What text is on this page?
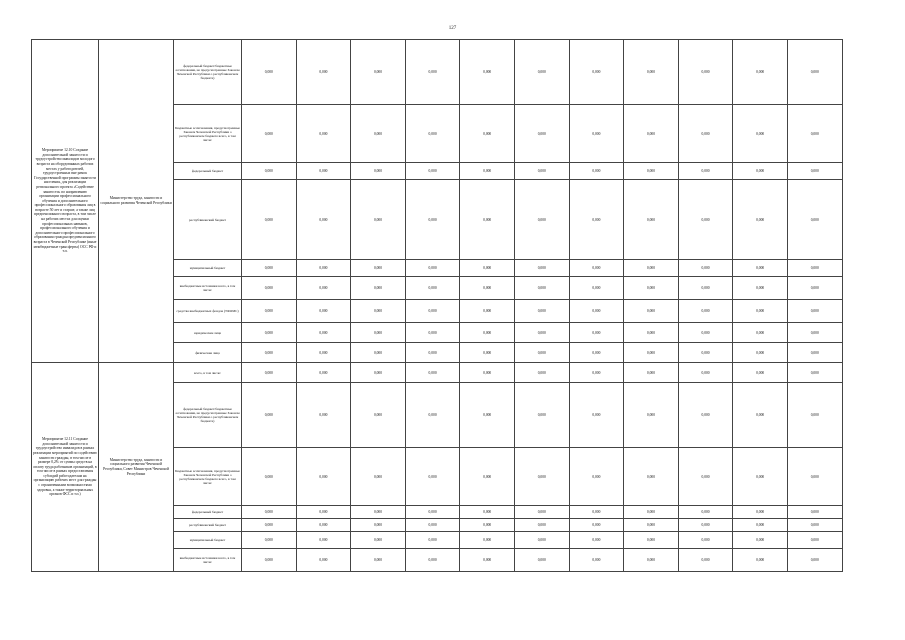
127
Мероприятие 12.10 Создание дополнительной занятости и трудоустройство инвалидов молодого возраста на оборудованных рабочих местах у работодателей, трудоустроенных вне рамок Государственной программы занятости населения, для реализации регионального проекта «Содействие занятости» по направлению организации профессионального обучения и дополнительного профессионального образования лиц в возрасте 50 лет и старше, а также лиц предпенсионного возраста, в том числе на рабочих местах для оценки профессиональных навыков, профессионального обучения и дополнительного профессионального образования граждан предпенсионного возраста в Чеченской Республике (иные межбюджетные трансферты) ОСС РФ и т.п.	Министерство труда, занятости и социального развития Чеченской Республики	федеральный бюджет/бюджетные ассигнования, не предусмотренные Законом Чеченской Республики о республиканском бюджете)	0,000	0,000	0,000	0,000	0,000	0,000	0,000	0,000	0,000	0,000	0,000
		Бюджетные ассигнования, предусмотренные Законом Чеченской Республики о республиканском бюджете всего, в том числе:	0,000	0,000	0,000	0,000	0,000	0,000	0,000	0,000	0,000	0,000	0,000
		федеральный бюджет	0,000	0,000	0,000	0,000	0,000	0,000	0,000	0,000	0,000	0,000	0,000
		республиканский бюджет	0,000	0,000	0,000	0,000	0,000	0,000	0,000	0,000	0,000	0,000	0,000
		муниципальный бюджет	0,000	0,000	0,000	0,000	0,000	0,000	0,000	0,000	0,000	0,000	0,000
		внебюджетные источники всего, в том числе:	0,000	0,000	0,000	0,000	0,000	0,000	0,000	0,000	0,000	0,000	0,000
		средства внебюджетных фондов (ТФОМС)	0,000	0,000	0,000	0,000	0,000	0,000	0,000	0,000	0,000	0,000	0,000
		юридические лица	0,000	0,000	0,000	0,000	0,000	0,000	0,000	0,000	0,000	0,000	0,000
		физические лица	0,000	0,000	0,000	0,000	0,000	0,000	0,000	0,000	0,000	0,000	0,000
Мероприятие 12.11 Создание дополнительной занятости и трудоустройство инвалидов в рамках реализации мероприятий по содействию занятости граждан, в том числе в размере 0,2% от суммы средств на оплату труда работников организаций, в том числе в рамках предоставления субсидий работодателям на организацию рабочих мест для граждан с ограниченными возможностями здоровья, а также территориальных органов ФСС и т.п.)	Министерство труда, занятости и социального развития Чеченской Республики, Совет Министров Чеченской Республики	всего, в том числе:	0,000	0,000	0,000	0,000	0,000	0,000	0,000	0,000	0,000	0,000	0,000
		федеральный бюджет/бюджетные ассигнования, не предусмотренные Законом Чеченской Республики о республиканском бюджете)	0,000	0,000	0,000	0,000	0,000	0,000	0,000	0,000	0,000	0,000	0,000
		Бюджетные ассигнования, предусмотренные Законом Чеченской Республики о республиканском бюджете всего, в том числе:	0,000	0,000	0,000	0,000	0,000	0,000	0,000	0,000	0,000	0,000	0,000
		федеральный бюджет	0,000	0,000	0,000	0,000	0,000	0,000	0,000	0,000	0,000	0,000	0,000
		республиканский бюджет	0,000	0,000	0,000	0,000	0,000	0,000	0,000	0,000	0,000	0,000	0,000
		муниципальный бюджет	0,000	0,000	0,000	0,000	0,000	0,000	0,000	0,000	0,000	0,000	0,000
		внебюджетные источники всего, в том числе:	0,000	0,000	0,000	0,000	0,000	0,000	0,000	0,000	0,000	0,000	0,000
